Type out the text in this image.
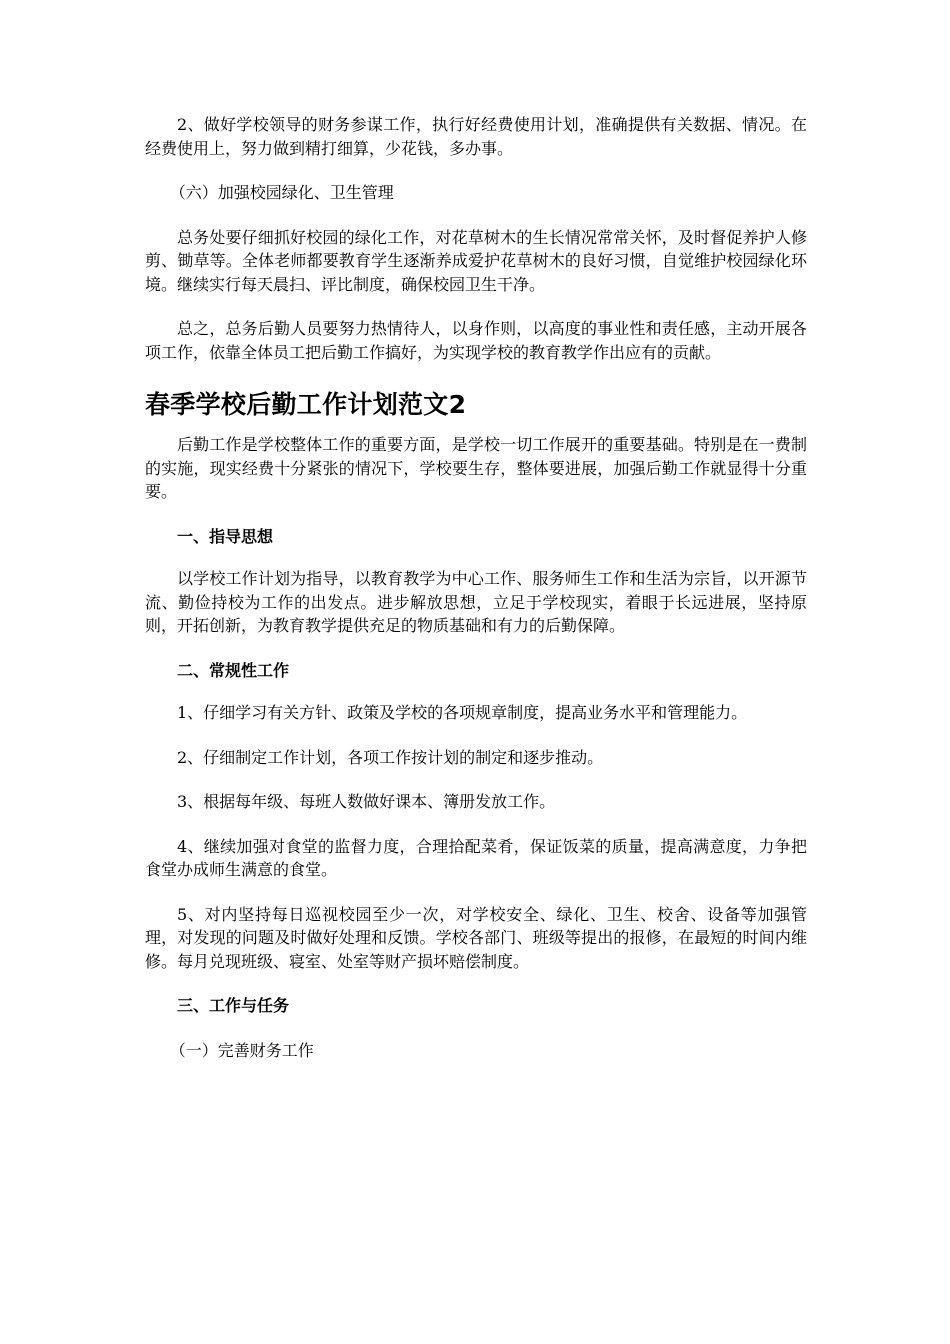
2、做好学校领导的财务参谋工作，执行好经费使用计划，准确提供有关数据、情况。在经费使用上，努力做到精打细算，少花钱，多办事。

（六）加强校园绿化、卫生管理

总务处要仔细抓好校园的绿化工作，对花草树木的生长情况常常关怀，及时督促养护人修剪、锄草等。全体老师都要教育学生逐渐养成爱护花草树木的良好习惯，自觉维护校园绿化环境。继续实行每天晨扫、评比制度，确保校园卫生干净。

总之，总务后勤人员要努力热情待人，以身作则，以高度的事业性和责任感，主动开展各项工作，依靠全体员工把后勤工作搞好，为实现学校的教育教学作出应有的贡献。

春季学校后勤工作计划范文2

后勤工作是学校整体工作的重要方面，是学校一切工作展开的重要基础。特别是在一费制的实施，现实经费十分紧张的情况下，学校要生存，整体要进展，加强后勤工作就显得十分重要。

一、指导思想

以学校工作计划为指导，以教育教学为中心工作、服务师生工作和生活为宗旨，以开源节流、勤俭持校为工作的出发点。进步解放思想，立足于学校现实，着眼于长远进展，坚持原则，开拓创新，为教育教学提供充足的物质基础和有力的后勤保障。

二、常规性工作

1、仔细学习有关方针、政策及学校的各项规章制度，提高业务水平和管理能力。

2、仔细制定工作计划，各项工作按计划的制定和逐步推动。

3、根据每年级、每班人数做好课本、簿册发放工作。

4、继续加强对食堂的监督力度，合理拾配菜肴，保证饭菜的质量，提高满意度，力争把食堂办成师生满意的食堂。

5、对内坚持每日巡视校园至少一次，对学校安全、绿化、卫生、校舍、设备等加强管理，对发现的问题及时做好处理和反馈。学校各部门、班级等提出的报修，在最短的时间内维修。每月兑现班级、寝室、处室等财产损坏赔偿制度。

三、工作与任务

（一）完善财务工作
